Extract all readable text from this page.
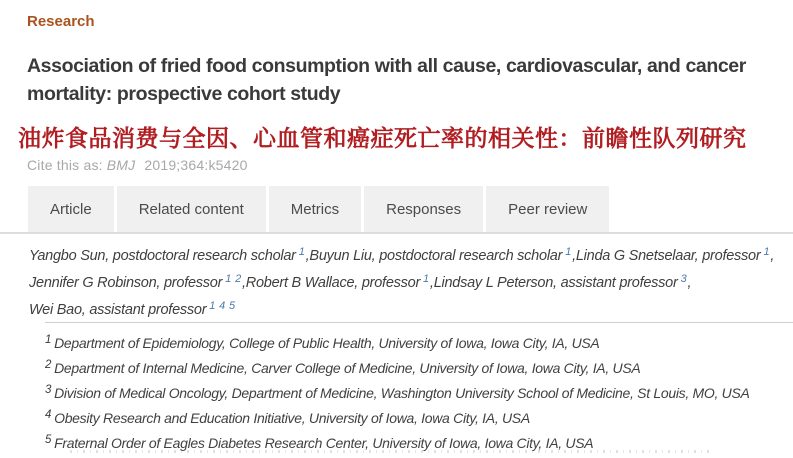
Research
Association of fried food consumption with all cause, cardiovascular, and cancer mortality: prospective cohort study
油炸食品消费与全因、心血管和癌症死亡率的相关性：前瞻性队列研究
Cite this as: BMJ 2019;364:k5420
Article	Related content	Metrics	Responses	Peer review
Yangbo Sun, postdoctoral research scholar $^1$,Buyun Liu, postdoctoral research scholar $^1$,Linda G Snetselaar, professor $^1$,
Jennifer G Robinson, professor $^1$ $^2$,Robert B Wallace, professor $^1$,Lindsay L Peterson, assistant professor $^3$,
Wei Bao, assistant professor $^1$ $^4$ $^5$
$^1$ Department of Epidemiology, College of Public Health, University of Iowa, Iowa City, IA, USA
$^2$ Department of Internal Medicine, Carver College of Medicine, University of Iowa, Iowa City, IA, USA
$^3$ Division of Medical Oncology, Department of Medicine, Washington University School of Medicine, St Louis, MO, USA
$^4$ Obesity Research and Education Initiative, University of Iowa, Iowa City, IA, USA
$^5$ Fraternal Order of Eagles Diabetes Research Center, University of Iowa, Iowa City, IA, USA
